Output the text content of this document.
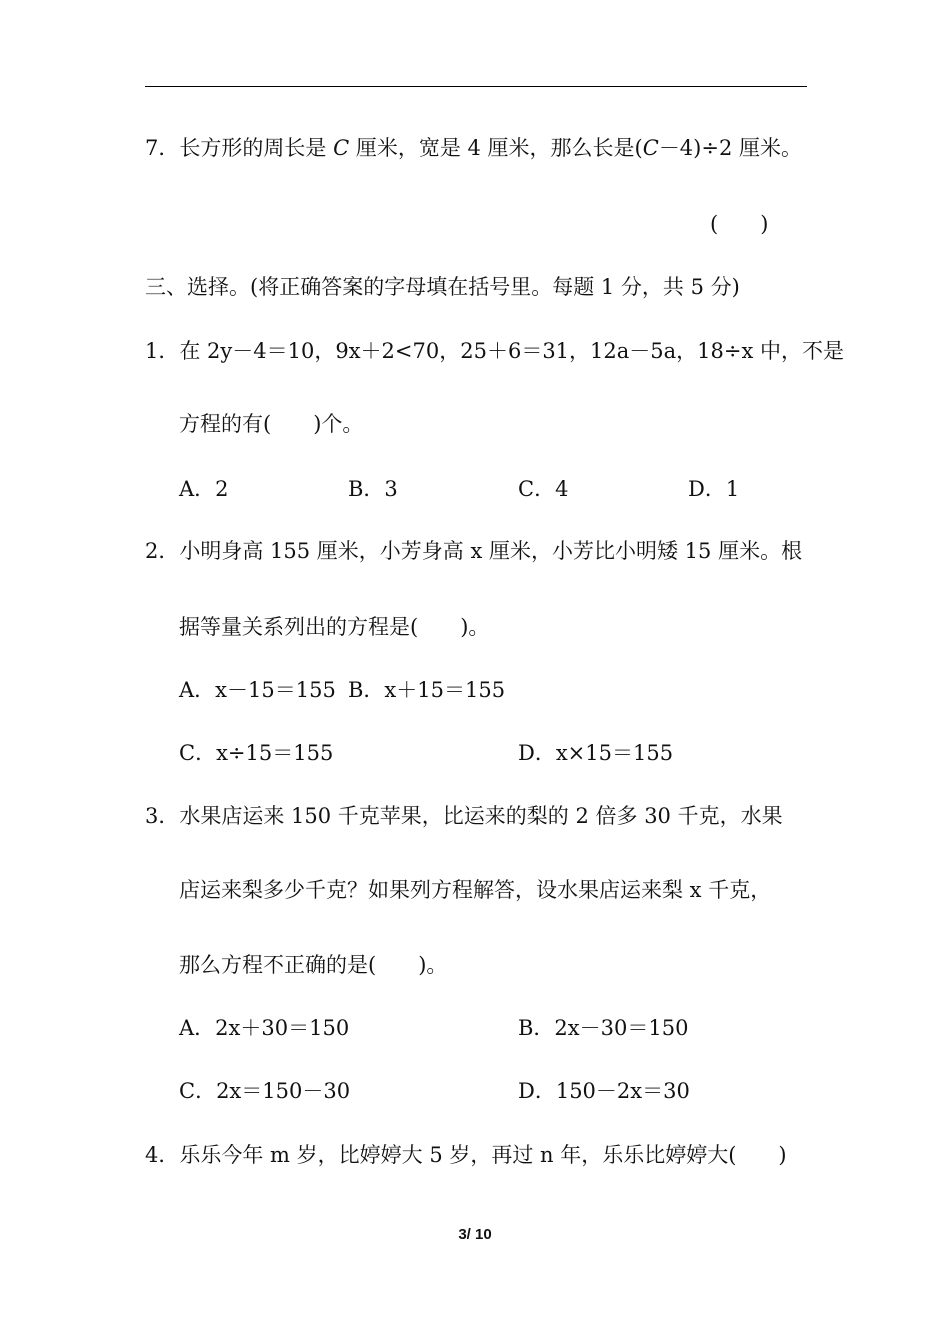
7．长方形的周长是 C 厘米，宽是 4 厘米，那么长是(C－4)÷2 厘米。
(　　)
三、选择。(将正确答案的字母填在括号里。每题 1 分，共 5 分)
1．在 2y－4＝10，9x＋2<70，25＋6＝31，12a－5a，18÷x 中，不是
方程的有(　　)个。
A．2	B．3	C．4	D．1
2．小明身高 155 厘米，小芳身高 x 厘米，小芳比小明矮 15 厘米。根
据等量关系列出的方程是(　　)。
A．x－15＝155 B．x＋15＝155
C．x÷15＝155	D．x×15＝155
3．水果店运来 150 千克苹果，比运来的梨的 2 倍多 30 千克，水果
店运来梨多少千克？如果列方程解答，设水果店运来梨 x 千克，
那么方程不正确的是(　　)。
A．2x＋30＝150	B．2x－30＝150
C．2x＝150－30	D．150－2x＝30
4．乐乐今年 m 岁，比婷婷大 5 岁，再过 n 年，乐乐比婷婷大(　　)
3/ 10
